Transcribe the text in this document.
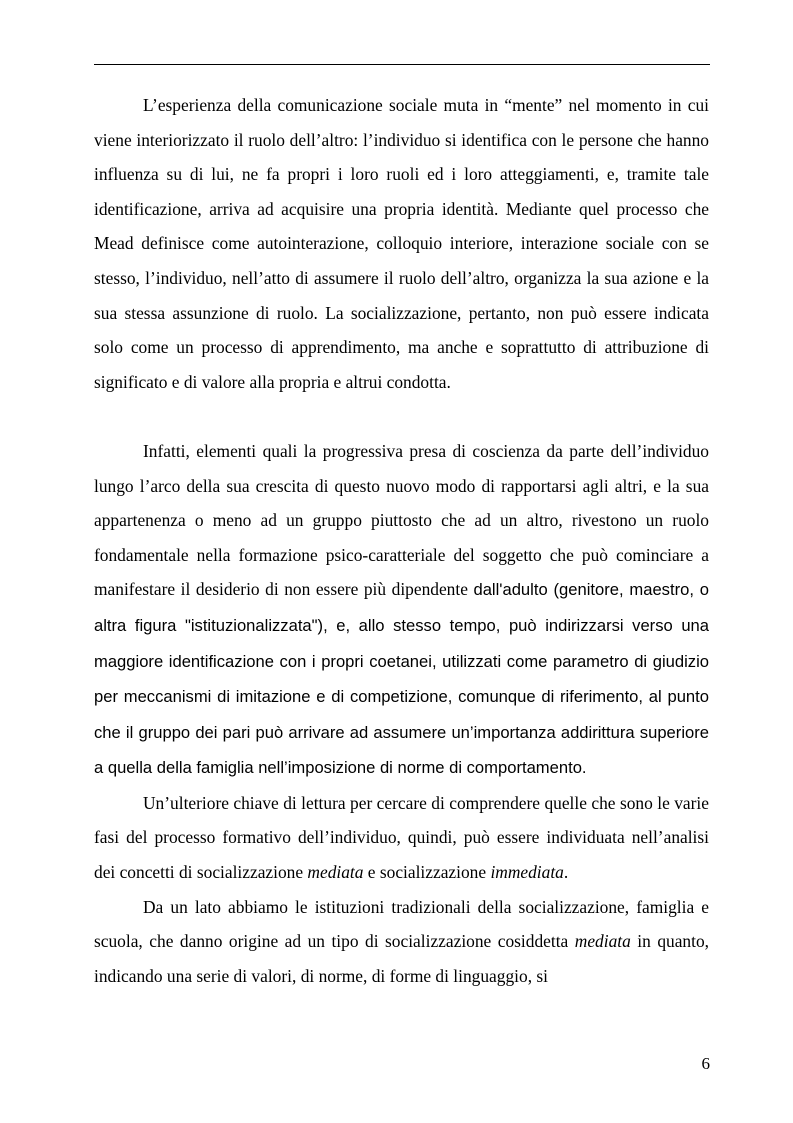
L’esperienza della comunicazione sociale muta in “mente” nel momento in cui viene interiorizzato il ruolo dell’altro: l’individuo si identifica con le persone che hanno influenza su di lui, ne fa propri i loro ruoli ed i loro atteggiamenti, e, tramite tale identificazione, arriva ad acquisire una propria identità. Mediante quel processo che Mead definisce come autointerazione, colloquio interiore, interazione sociale con se stesso, l’individuo, nell’atto di assumere il ruolo dell’altro, organizza la sua azione e la sua stessa assunzione di ruolo. La socializzazione, pertanto, non può essere indicata solo come un processo di apprendimento, ma anche e soprattutto di attribuzione di significato e di valore alla propria e altrui condotta.

Infatti, elementi quali la progressiva presa di coscienza da parte dell’individuo lungo l’arco della sua crescita di questo nuovo modo di rapportarsi agli altri, e la sua appartenenza o meno ad un gruppo piuttosto che ad un altro, rivestono un ruolo fondamentale nella formazione psico-caratteriale del soggetto che può cominciare a manifestare il desiderio di non essere più dipendente dall'adulto (genitore, maestro, o altra figura "istituzionalizzata"), e, allo stesso tempo, può indirizzarsi verso una maggiore identificazione con i propri coetanei, utilizzati come parametro di giudizio per meccanismi di imitazione e di competizione, comunque di riferimento, al punto che il gruppo dei pari può arrivare ad assumere un’importanza addirittura superiore a quella della famiglia nell’imposizione di norme di comportamento.

Un’ulteriore chiave di lettura per cercare di comprendere quelle che sono le varie fasi del processo formativo dell’individuo, quindi, può essere individuata nell’analisi dei concetti di socializzazione mediata e socializzazione immediata.

Da un lato abbiamo le istituzioni tradizionali della socializzazione, famiglia e scuola, che danno origine ad un tipo di socializzazione cosiddetta mediata in quanto, indicando una serie di valori, di norme, di forme di linguaggio, si

6
